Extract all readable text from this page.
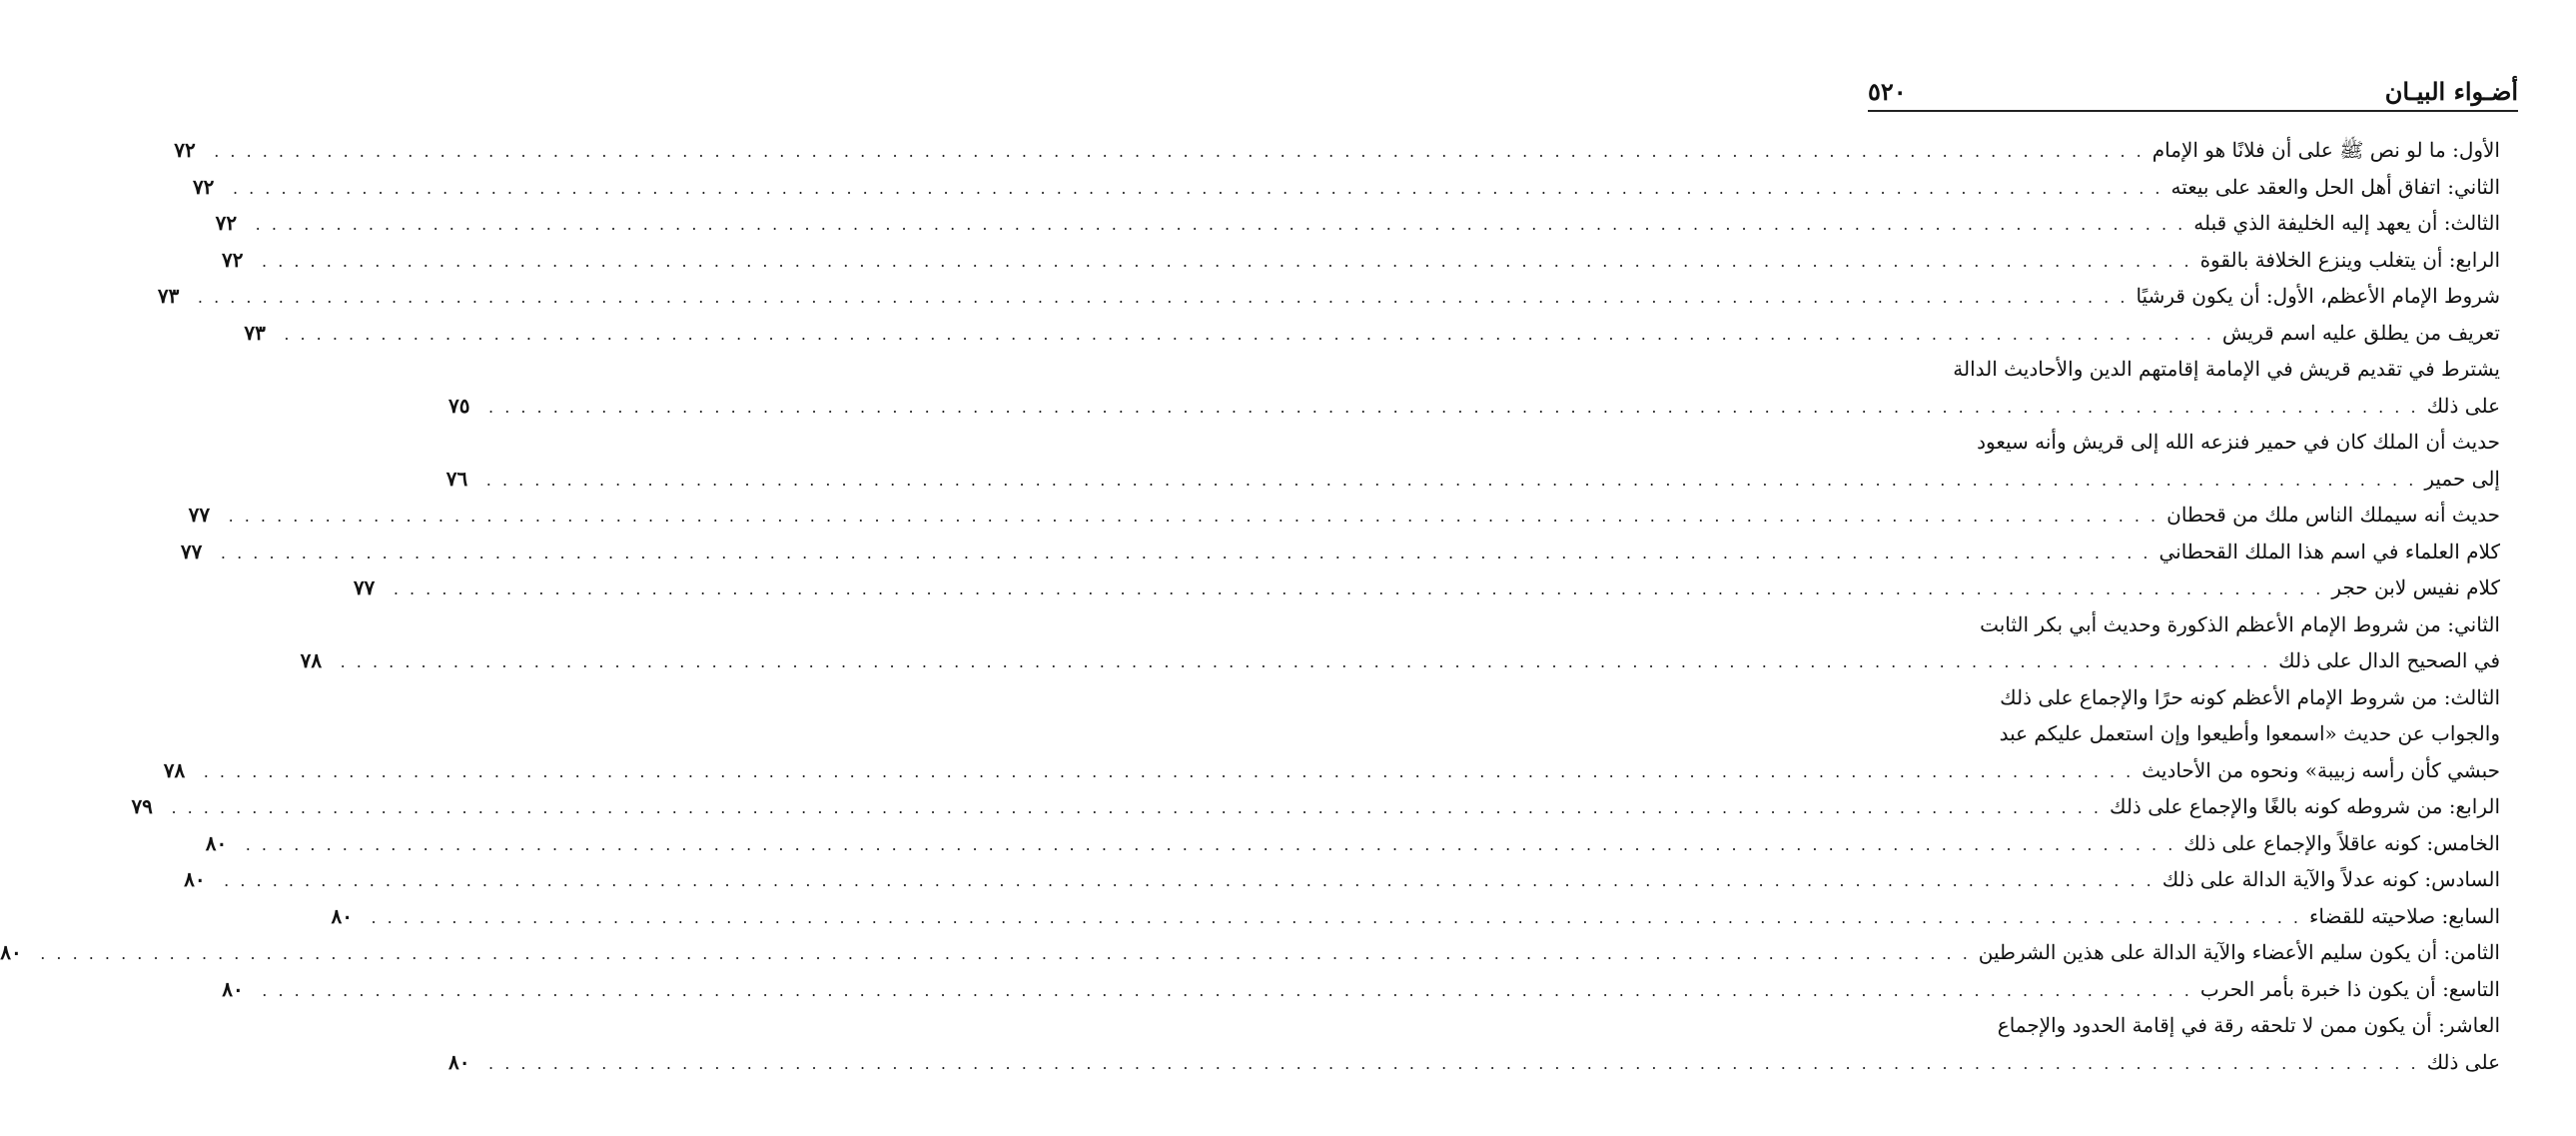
أضـواء البيـان
٥٢٠
الأول: ما لو نص ﷺ على أن فلانًا هو الإمام
. . . . . . . . . . . . . . . . . . . . . . . . . . . . . . . . . . . . . . . . . . . . . . . . . . . . . . . . . . . . . . . . . . . . . . . . . . . . . . . . . . . . . . . . . . . . . . . . . . . . . . . . . . . . . . . . . . . . . . . .
٧٢
الثاني: اتفاق أهل الحل والعقد على بيعته
. . . . . . . . . . . . . . . . . . . . . . . . . . . . . . . . . . . . . . . . . . . . . . . . . . . . . . . . . . . . . . . . . . . . . . . . . . . . . . . . . . . . . . . . . . . . . . . . . . . . . . . . . . . . . . . . . . . . . . . .
٧٢
الثالث: أن يعهد إليه الخليفة الذي قبله
. . . . . . . . . . . . . . . . . . . . . . . . . . . . . . . . . . . . . . . . . . . . . . . . . . . . . . . . . . . . . . . . . . . . . . . . . . . . . . . . . . . . . . . . . . . . . . . . . . . . . . . . . . . . . . . . . . . . . . . .
٧٢
الرابع: أن يتغلب وينزع الخلافة بالقوة
. . . . . . . . . . . . . . . . . . . . . . . . . . . . . . . . . . . . . . . . . . . . . . . . . . . . . . . . . . . . . . . . . . . . . . . . . . . . . . . . . . . . . . . . . . . . . . . . . . . . . . . . . . . . . . . . . . . . . . . .
٧٢
شروط الإمام الأعظم، الأول: أن يكون قرشيًا
. . . . . . . . . . . . . . . . . . . . . . . . . . . . . . . . . . . . . . . . . . . . . . . . . . . . . . . . . . . . . . . . . . . . . . . . . . . . . . . . . . . . . . . . . . . . . . . . . . . . . . . . . . . . . . . . . . . . . . . .
٧٣
تعريف من يطلق عليه اسم قريش
. . . . . . . . . . . . . . . . . . . . . . . . . . . . . . . . . . . . . . . . . . . . . . . . . . . . . . . . . . . . . . . . . . . . . . . . . . . . . . . . . . . . . . . . . . . . . . . . . . . . . . . . . . . . . . . . . . . . . . . .
٧٣
يشترط في تقديم قريش في الإمامة إقامتهم الدين والأحاديث الدالة
على ذلك
. . . . . . . . . . . . . . . . . . . . . . . . . . . . . . . . . . . . . . . . . . . . . . . . . . . . . . . . . . . . . . . . . . . . . . . . . . . . . . . . . . . . . . . . . . . . . . . . . . . . . . . . . . . . . . . . . . . . . . . .
٧٥
حديث أن الملك كان في حمير فنزعه الله إلى قريش وأنه سيعود
إلى حمير
. . . . . . . . . . . . . . . . . . . . . . . . . . . . . . . . . . . . . . . . . . . . . . . . . . . . . . . . . . . . . . . . . . . . . . . . . . . . . . . . . . . . . . . . . . . . . . . . . . . . . . . . . . . . . . . . . . . . . . . .
٧٦
حديث أنه سيملك الناس ملك من قحطان
. . . . . . . . . . . . . . . . . . . . . . . . . . . . . . . . . . . . . . . . . . . . . . . . . . . . . . . . . . . . . . . . . . . . . . . . . . . . . . . . . . . . . . . . . . . . . . . . . . . . . . . . . . . . . . . . . . . . . . . .
٧٧
كلام العلماء في اسم هذا الملك القحطاني
. . . . . . . . . . . . . . . . . . . . . . . . . . . . . . . . . . . . . . . . . . . . . . . . . . . . . . . . . . . . . . . . . . . . . . . . . . . . . . . . . . . . . . . . . . . . . . . . . . . . . . . . . . . . . . . . . . . . . . . .
٧٧
كلام نفيس لابن حجر
. . . . . . . . . . . . . . . . . . . . . . . . . . . . . . . . . . . . . . . . . . . . . . . . . . . . . . . . . . . . . . . . . . . . . . . . . . . . . . . . . . . . . . . . . . . . . . . . . . . . . . . . . . . . . . . . . . . . . . . .
٧٧
الثاني: من شروط الإمام الأعظم الذكورة وحديث أبي بكر الثابت
في الصحيح الدال على ذلك
. . . . . . . . . . . . . . . . . . . . . . . . . . . . . . . . . . . . . . . . . . . . . . . . . . . . . . . . . . . . . . . . . . . . . . . . . . . . . . . . . . . . . . . . . . . . . . . . . . . . . . . . . . . . . . . . . . . . . . . .
٧٨
الثالث: من شروط الإمام الأعظم كونه حرًا والإجماع على ذلك
والجواب عن حديث «اسمعوا وأطيعوا وإن استعمل عليكم عبد
حبشي كأن رأسه زبيبة» ونحوه من الأحاديث
. . . . . . . . . . . . . . . . . . . . . . . . . . . . . . . . . . . . . . . . . . . . . . . . . . . . . . . . . . . . . . . . . . . . . . . . . . . . . . . . . . . . . . . . . . . . . . . . . . . . . . . . . . . . . . . . . . . . . . . .
٧٨
الرابع: من شروطه كونه بالغًا والإجماع على ذلك
. . . . . . . . . . . . . . . . . . . . . . . . . . . . . . . . . . . . . . . . . . . . . . . . . . . . . . . . . . . . . . . . . . . . . . . . . . . . . . . . . . . . . . . . . . . . . . . . . . . . . . . . . . . . . . . . . . . . . . . .
٧٩
الخامس: كونه عاقلاً والإجماع على ذلك
. . . . . . . . . . . . . . . . . . . . . . . . . . . . . . . . . . . . . . . . . . . . . . . . . . . . . . . . . . . . . . . . . . . . . . . . . . . . . . . . . . . . . . . . . . . . . . . . . . . . . . . . . . . . . . . . . . . . . . . .
٨٠
السادس: كونه عدلاً والآية الدالة على ذلك
. . . . . . . . . . . . . . . . . . . . . . . . . . . . . . . . . . . . . . . . . . . . . . . . . . . . . . . . . . . . . . . . . . . . . . . . . . . . . . . . . . . . . . . . . . . . . . . . . . . . . . . . . . . . . . . . . . . . . . . .
٨٠
السابع: صلاحيته للقضاء
. . . . . . . . . . . . . . . . . . . . . . . . . . . . . . . . . . . . . . . . . . . . . . . . . . . . . . . . . . . . . . . . . . . . . . . . . . . . . . . . . . . . . . . . . . . . . . . . . . . . . . . . . . . . . . . . . . . . . . . .
٨٠
الثامن: أن يكون سليم الأعضاء والآية الدالة على هذين الشرطين
. . . . . . . . . . . . . . . . . . . . . . . . . . . . . . . . . . . . . . . . . . . . . . . . . . . . . . . . . . . . . . . . . . . . . . . . . . . . . . . . . . . . . . . . . . . . . . . . . . . . . . . . . . . . . . . . . . . . . . . .
٨٠
التاسع: أن يكون ذا خبرة بأمر الحرب
. . . . . . . . . . . . . . . . . . . . . . . . . . . . . . . . . . . . . . . . . . . . . . . . . . . . . . . . . . . . . . . . . . . . . . . . . . . . . . . . . . . . . . . . . . . . . . . . . . . . . . . . . . . . . . . . . . . . . . . .
٨٠
العاشر: أن يكون ممن لا تلحقه رقة في إقامة الحدود والإجماع
على ذلك
. . . . . . . . . . . . . . . . . . . . . . . . . . . . . . . . . . . . . . . . . . . . . . . . . . . . . . . . . . . . . . . . . . . . . . . . . . . . . . . . . . . . . . . . . . . . . . . . . . . . . . . . . . . . . . . . . . . . . . . .
٨٠
